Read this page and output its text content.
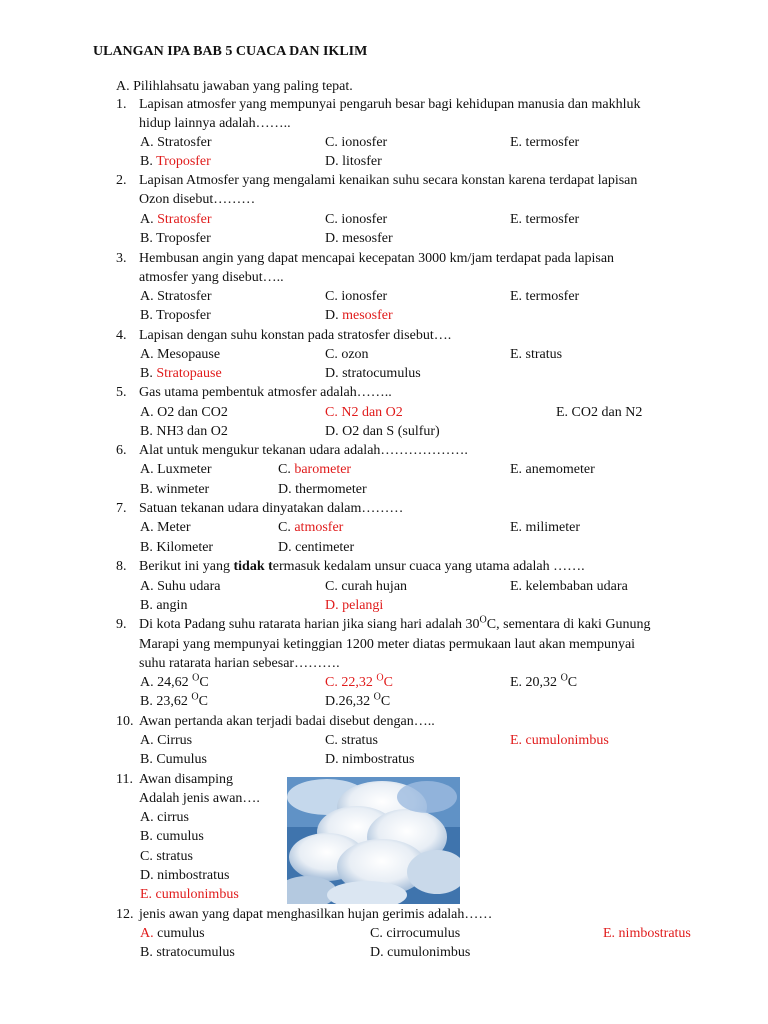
ULANGAN IPA BAB 5 CUACA DAN IKLIM
A. Pilihlahsatu jawaban yang paling tepat.
1. Lapisan atmosfer yang mempunyai pengaruh besar bagi kehidupan manusia dan makhluk
hidup lainnya adalah……..
A. Stratosfer	C. ionosfer	E. termosfer
B. Troposfer	D. litosfer
2. Lapisan Atmosfer yang mengalami kenaikan suhu secara konstan karena terdapat lapisan
Ozon disebut………
A. Stratosfer	C. ionosfer	E. termosfer
B. Troposfer	D. mesosfer
3. Hembusan angin yang dapat mencapai kecepatan 3000 km/jam terdapat pada lapisan
atmosfer yang disebut…..
A. Stratosfer	C. ionosfer	E. termosfer
B. Troposfer	D. mesosfer
4. Lapisan dengan suhu konstan pada stratosfer disebut….
A. Mesopause	C. ozon	E. stratus
B. Stratopause	D. stratocumulus
5. Gas utama pembentuk atmosfer adalah……..
A. O2 dan CO2	C. N2 dan O2	E. CO2 dan N2
B. NH3 dan O2	D. O2 dan S (sulfur)
6. Alat untuk mengukur tekanan udara adalah……………….
A. Luxmeter	C. barometer	E. anemometer
B. winmeter	D. thermometer
7. Satuan tekanan udara dinyatakan dalam………
A. Meter	C. atmosfer	E. milimeter
B. Kilometer	D. centimeter
8. Berikut ini yang tidak termasuk kedalam unsur cuaca yang utama adalah …….
A. Suhu udara	C. curah hujan	E. kelembaban udara
B. angin	D. pelangi
9. Di kota Padang suhu ratarata harian jika siang hari adalah $30^OC$, sementara di kaki Gunung
Marapi yang mempunyai ketinggian 1200 meter diatas permukaan laut akan mempunyai
suhu ratarata harian sebesar……….
A. 24,62 $^O$C	C. 22,32 $^O$C	E. 20,32 $^O$C
B. 23,62 $^O$C	D.26,32 $^O$C
10. Awan pertanda akan terjadi badai disebut dengan…..
A. Cirrus	C. stratus	E. cumulonimbus
B. Cumulus	D. nimbostratus
11. Awan disamping
Adalah jenis awan….
A. cirrus
B. cumulus
C. stratus
D. nimbostratus
E. cumulonimbus
12. jenis awan yang dapat menghasilkan hujan gerimis adalah……
A. cumulus	C. cirrocumulus	E. nimbostratus
B. stratocumulus	D. cumulonimbus
